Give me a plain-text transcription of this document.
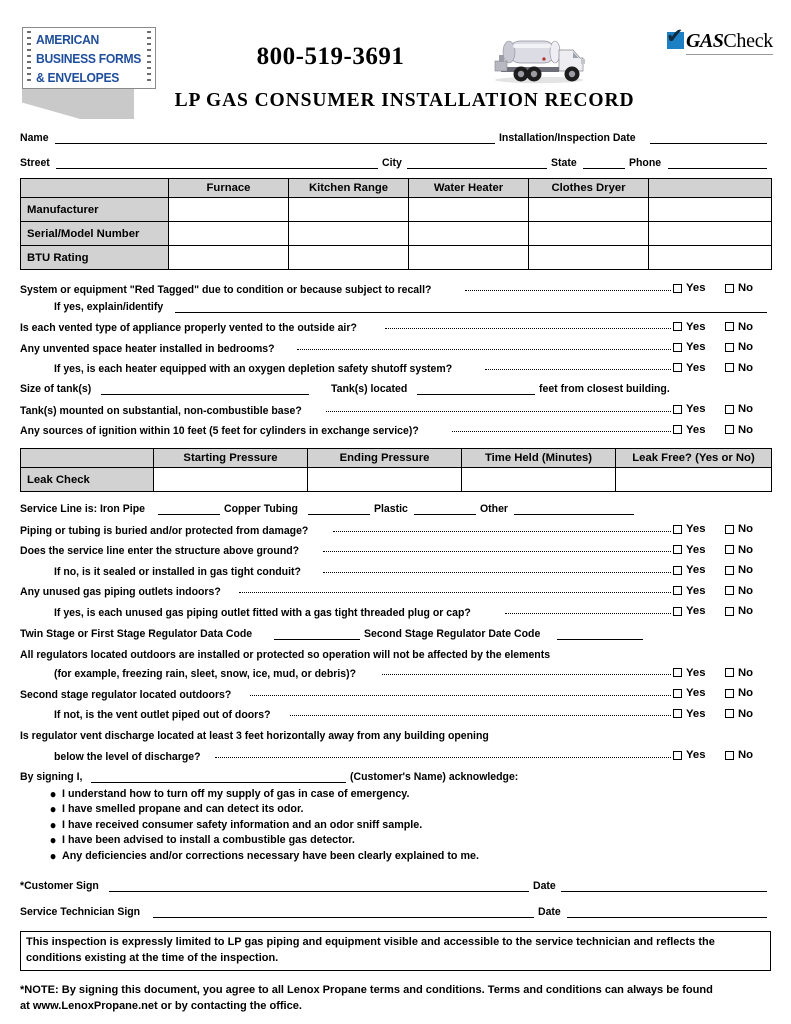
AMERICAN
BUSINESS FORMS
& ENVELOPES
800-519-3691
✔ GASCheck
LP GAS CONSUMER INSTALLATION RECORD
Name	Installation/Inspection Date
Street	City	State	Phone
	Furnace	Kitchen Range	Water Heater	Clothes Dryer	
Manufacturer					
Serial/Model Number					
BTU Rating					
System or equipment "Red Tagged" due to condition or because subject to recall?	Yes	No
If yes, explain/identify
Is each vented type of appliance properly vented to the outside air?	Yes	No
Any unvented space heater installed in bedrooms?	Yes	No
If yes, is each heater equipped with an oxygen depletion safety shutoff system?	Yes	No
Size of tank(s)	Tank(s) located	feet from closest building.
Tank(s) mounted on substantial, non-combustible base?	Yes	No
Any sources of ignition within 10 feet (5 feet for cylinders in exchange service)?	Yes	No
	Starting Pressure	Ending Pressure	Time Held (Minutes)	Leak Free? (Yes or No)
Leak Check				
Service Line is: Iron Pipe	Copper Tubing	Plastic	Other
Piping or tubing is buried and/or protected from damage?	Yes	No
Does the service line enter the structure above ground?	Yes	No
If no, is it sealed or installed in gas tight conduit?	Yes	No
Any unused gas piping outlets indoors?	Yes	No
If yes, is each unused gas piping outlet fitted with a gas tight threaded plug or cap?	Yes	No
Twin Stage or First Stage Regulator Data Code	Second Stage Regulator Date Code
All regulators located outdoors are installed or protected so operation will not be affected by the elements
(for example, freezing rain, sleet, snow, ice, mud, or debris)?	Yes	No
Second stage regulator located outdoors?	Yes	No
If not, is the vent outlet piped out of doors?	Yes	No
Is regulator vent discharge located at least 3 feet horizontally away from any building opening
below the level of discharge?	Yes	No
By signing I,	(Customer's Name) acknowledge:
● I understand how to turn off my supply of gas in case of emergency.
● I have smelled propane and can detect its odor.
● I have received consumer safety information and an odor sniff sample.
● I have been advised to install a combustible gas detector.
● Any deficiencies and/or corrections necessary have been clearly explained to me.
*Customer Sign	Date
Service Technician Sign	Date
This inspection is expressly limited to LP gas piping and equipment visible and accessible to the service technician and reflects the
conditions existing at the time of the inspection.
*NOTE: By signing this document, you agree to all Lenox Propane terms and conditions. Terms and conditions can always be found
at www.LenoxPropane.net or by contacting the office.
